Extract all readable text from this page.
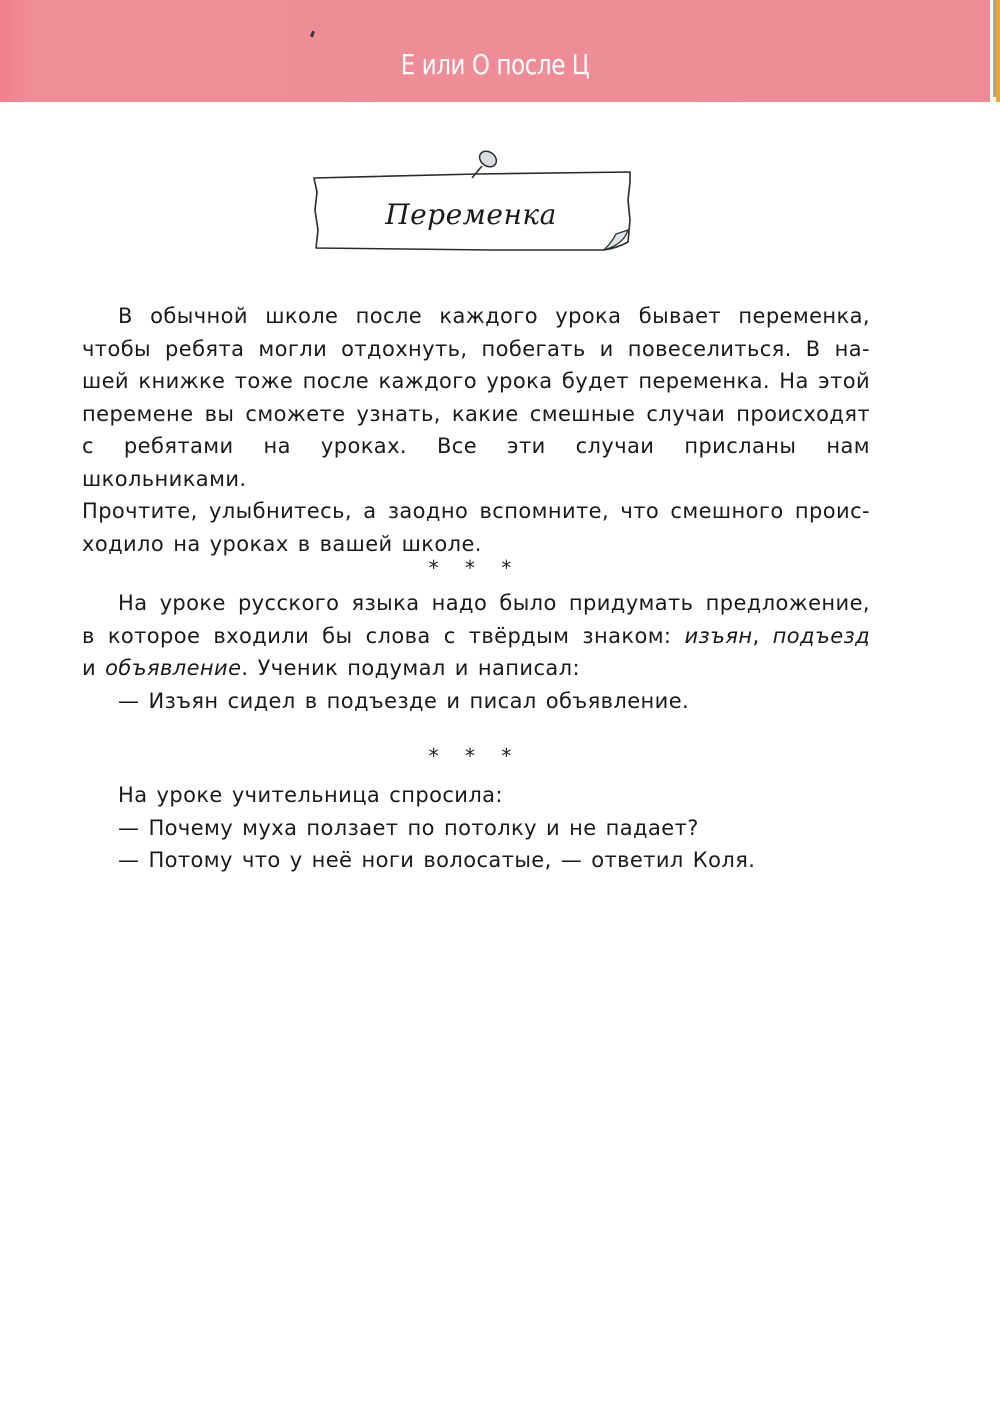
Е или О после Ц
Переменка
В обычной школе после каждого урока бывает переменка,
чтобы ребята могли отдохнуть, побегать и повеселиться. В на-
шей книжке тоже после каждого урока будет переменка. На этой
перемене вы сможете узнать, какие смешные случаи происходят
с ребятами на уроках. Все эти случаи присланы нам школьниками.
Прочтите, улыбнитесь, а заодно вспомните, что смешного проис-
ходило на уроках в вашей школе.
* * *
На уроке русского языка надо было придумать предложение,
в которое входили бы слова с твёрдым знаком: изъян, подъезд
и объявление. Ученик подумал и написал:
— Изъян сидел в подъезде и писал объявление.
* * *
На уроке учительница спросила:
— Почему муха ползает по потолку и не падает?
— Потому что у неё ноги волосатые, — ответил Коля.
